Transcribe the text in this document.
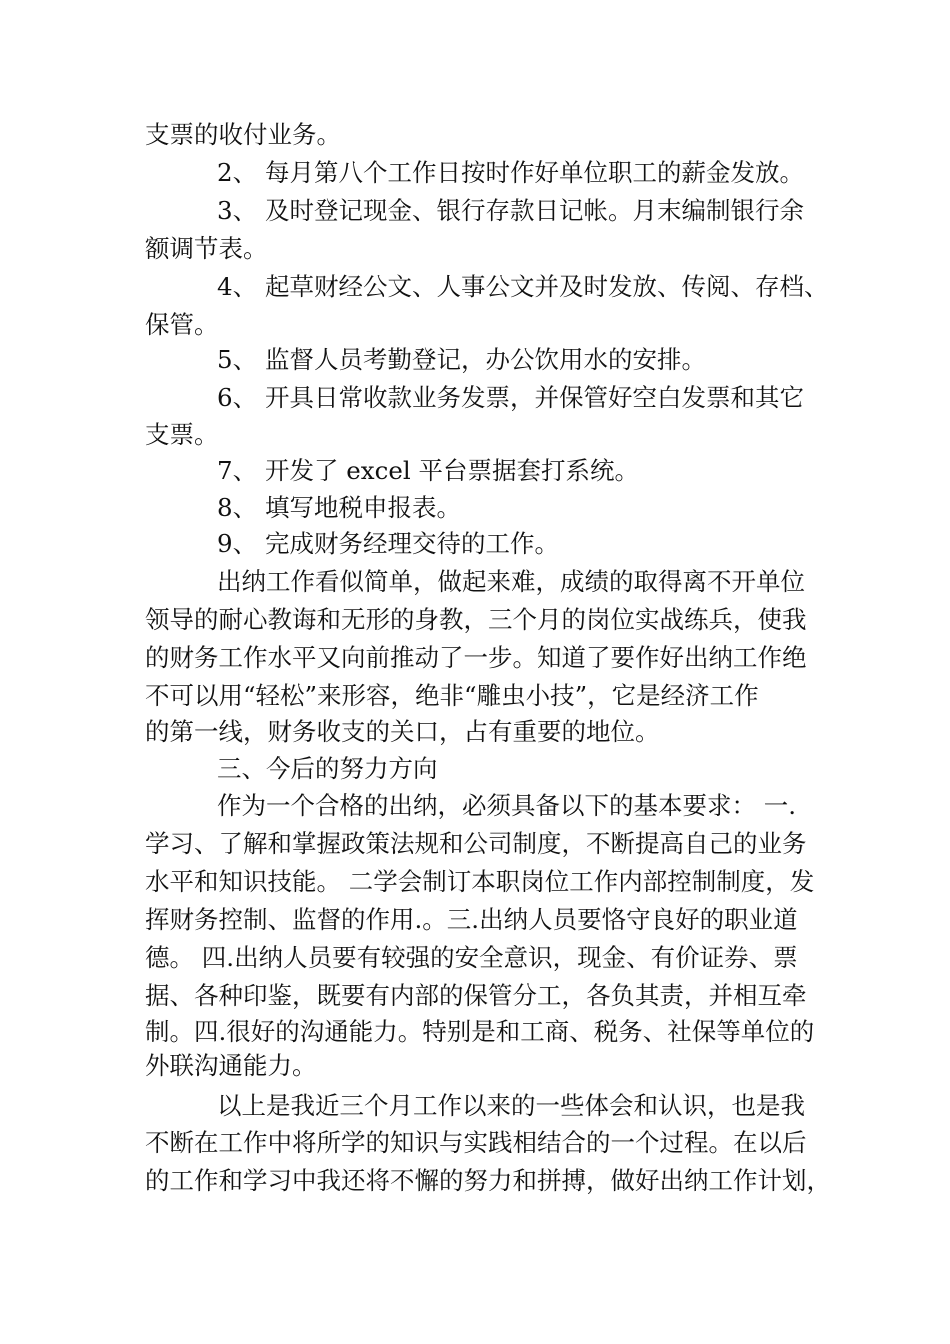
支票的收付业务。
2、 每月第八个工作日按时作好单位职工的薪金发放。
3、 及时登记现金、银行存款日记帐。月末编制银行余
额调节表。
4、 起草财经公文、人事公文并及时发放、传阅、存档、
保管。
5、 监督人员考勤登记，办公饮用水的安排。
6、 开具日常收款业务发票，并保管好空白发票和其它
支票。
7、 开发了 excel 平台票据套打系统。
8、 填写地税申报表。
9、 完成财务经理交待的工作。
出纳工作看似简单，做起来难，成绩的取得离不开单位
领导的耐心教诲和无形的身教，三个月的岗位实战练兵，使我
的财务工作水平又向前推动了一步。知道了要作好出纳工作绝
不可以用“轻松”来形容，绝非“雕虫小技”，它是经济工作
的第一线，财务收支的关口，占有重要的地位。
三、今后的努力方向
作为一个合格的出纳，必须具备以下的基本要求： 一.
学习、了解和掌握政策法规和公司制度，不断提高自己的业务
水平和知识技能。 二学会制订本职岗位工作内部控制制度，发
挥财务控制、监督的作用.。三.出纳人员要恪守良好的职业道
德。 四.出纳人员要有较强的安全意识，现金、有价证券、票
据、各种印鉴，既要有内部的保管分工，各负其责，并相互牵
制。四.很好的沟通能力。特别是和工商、税务、社保等单位的
外联沟通能力。
以上是我近三个月工作以来的一些体会和认识，也是我
不断在工作中将所学的知识与实践相结合的一个过程。在以后
的工作和学习中我还将不懈的努力和拼搏，做好出纳工作计划，
